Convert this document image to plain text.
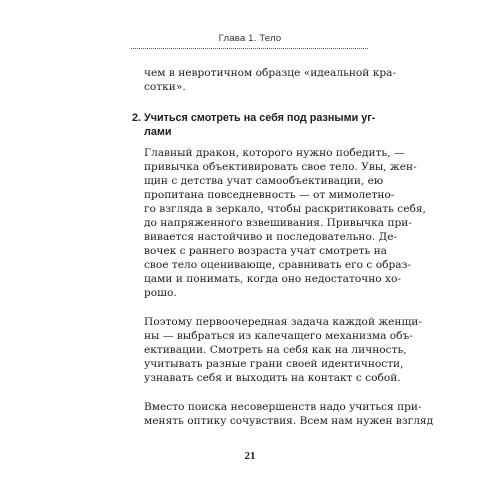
Глава 1. Тело
чем в невротичном образце «идеальной кра-
сотки».
2. Учиться смотреть на себя под разными уг-
лами
Главный дракон, которого нужно победить, —
привычка объективировать свое тело. Увы, жен-
щин с детства учат самообъективации, ею
пропитана повседневность — от мимолетно-
го взгляда в зеркало, чтобы раскритиковать себя,
до напряженного взвешивания. Привычка при-
вивается настойчиво и последовательно. Де-
вочек с раннего возраста учат смотреть на
свое тело оценивающе, сравнивать его с образ-
цами и понимать, когда оно недостаточно хо-
рошо.
Поэтому первоочередная задача каждой женщи-
ны — выбраться из калечащего механизма объ-
ективации. Смотреть на себя как на личность,
учитывать разные грани своей идентичности,
узнавать себя и выходить на контакт с собой.
Вместо поиска несовершенств надо учиться при-
менять оптику сочувствия. Всем нам нужен взгляд
21
